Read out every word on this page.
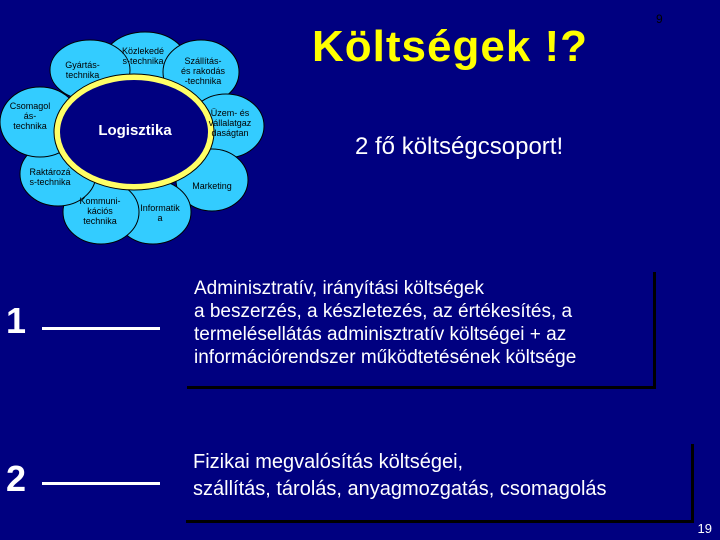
Közlekedé
s-technika	Szállítás-
és rakodás
-technika
Üzem- és
vállalatgaz
daságtan
Marketing
Informatik
a
Kommuni-
kációs
technika
Raktározá
s-technika
Csomagol
ás-
technika
Gyártás-
technika
Logisztika
Költségek !?
9
2 fő költségcsoport!
1

Adminisztratív, irányítási költségek
a beszerzés, a készletezés, az értékesítés, a termelésellátás adminisztratív költségei + az információrendszer működtetésének költsége

2	Fizikai megvalósítás költségei,
szállítás, tárolás, anyagmozgatás, csomagolás

19
